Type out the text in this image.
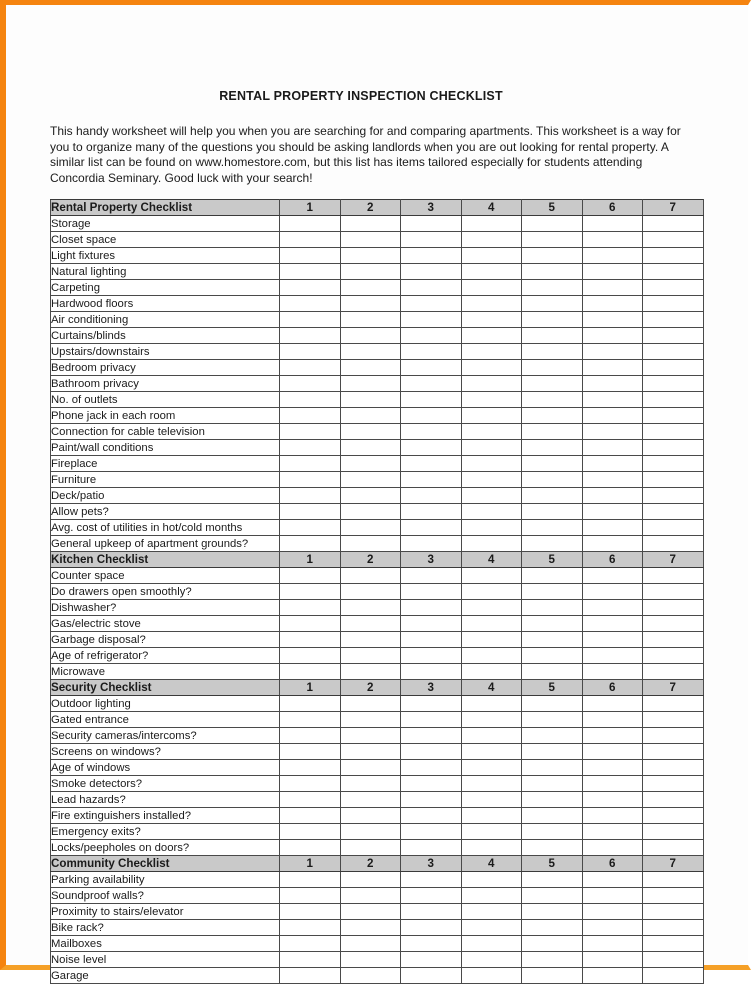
RENTAL PROPERTY INSPECTION CHECKLIST
This handy worksheet will help you when you are searching for and comparing apartments. This worksheet is a way for you to organize many of the questions you should be asking landlords when you are out looking for rental property. A similar list can be found on www.homestore.com, but this list has items tailored especially for students attending Concordia Seminary. Good luck with your search!
Rental Property Checklist	1	2	3	4	5	6	7
Storage							
Closet space							
Light fixtures							
Natural lighting							
Carpeting							
Hardwood floors							
Air conditioning							
Curtains/blinds							
Upstairs/downstairs							
Bedroom privacy							
Bathroom privacy							
No. of outlets							
Phone jack in each room							
Connection for cable television							
Paint/wall conditions							
Fireplace							
Furniture							
Deck/patio							
Allow pets?							
Avg. cost of utilities in hot/cold months							
General upkeep of apartment grounds?							
Kitchen Checklist	1	2	3	4	5	6	7
Counter space							
Do drawers open smoothly?							
Dishwasher?							
Gas/electric stove							
Garbage disposal?							
Age of refrigerator?							
Microwave							
Security Checklist	1	2	3	4	5	6	7
Outdoor lighting							
Gated entrance							
Security cameras/intercoms?							
Screens on windows?							
Age of windows							
Smoke detectors?							
Lead hazards?							
Fire extinguishers installed?							
Emergency exits?							
Locks/peepholes on doors?							
Community Checklist	1	2	3	4	5	6	7
Parking availability							
Soundproof walls?							
Proximity to stairs/elevator							
Bike rack?							
Mailboxes							
Noise level							
Garage							
